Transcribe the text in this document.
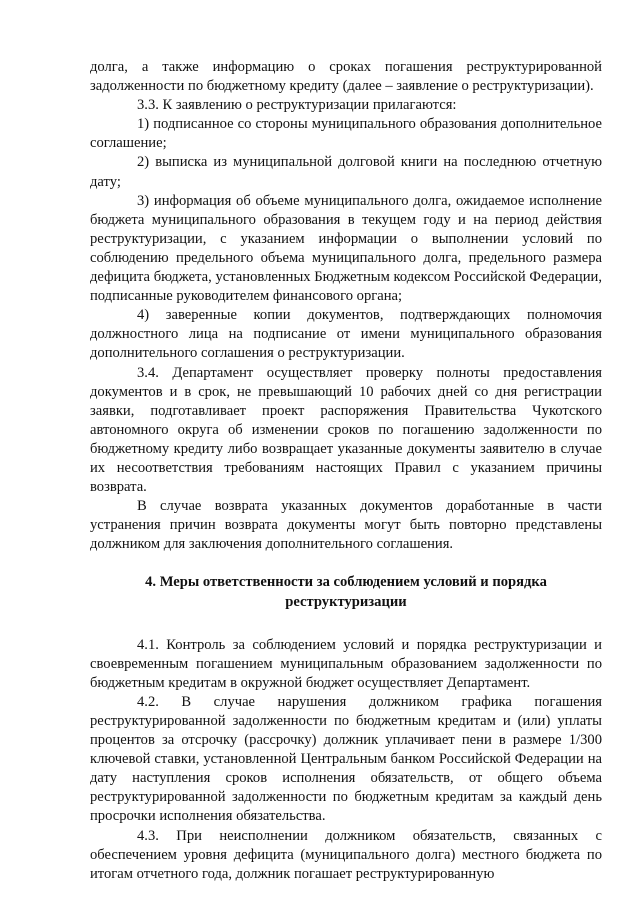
долга, а также информацию о сроках погашения реструктурированной задолженности по бюджетному кредиту (далее – заявление о реструктуризации).

3.3. К заявлению о реструктуризации прилагаются:

1) подписанное со стороны муниципального образования дополнительное соглашение;

2) выписка из муниципальной долговой книги на последнюю отчетную дату;

3) информация об объеме муниципального долга, ожидаемое исполнение бюджета муниципального образования в текущем году и на период действия реструктуризации, с указанием информации о выполнении условий по соблюдению предельного объема муниципального долга, предельного размера дефицита бюджета, установленных Бюджетным кодексом Российской Федерации, подписанные руководителем финансового органа;

4) заверенные копии документов, подтверждающих полномочия должностного лица на подписание от имени муниципального образования дополнительного соглашения о реструктуризации.

3.4. Департамент осуществляет проверку полноты предоставления документов и в срок, не превышающий 10 рабочих дней со дня регистрации заявки, подготавливает проект распоряжения Правительства Чукотского автономного округа об изменении сроков по погашению задолженности по бюджетному кредиту либо возвращает указанные документы заявителю в случае их несоответствия требованиям настоящих Правил с указанием причины возврата.

В случае возврата указанных документов доработанные в части устранения причин возврата документы могут быть повторно представлены должником для заключения дополнительного соглашения.

4. Меры ответственности за соблюдением условий и порядка реструктуризации

4.1. Контроль за соблюдением условий и порядка реструктуризации и своевременным погашением муниципальным образованием задолженности по бюджетным кредитам в окружной бюджет осуществляет Департамент.

4.2. В случае нарушения должником графика погашения реструктурированной задолженности по бюджетным кредитам и (или) уплаты процентов за отсрочку (рассрочку) должник уплачивает пени в размере 1/300 ключевой ставки, установленной Центральным банком Российской Федерации на дату наступления сроков исполнения обязательств, от общего объема реструктурированной задолженности по бюджетным кредитам за каждый день просрочки исполнения обязательства.

4.3. При неисполнении должником обязательств, связанных с обеспечением уровня дефицита (муниципального долга) местного бюджета по итогам отчетного года, должник погашает реструктурированную
